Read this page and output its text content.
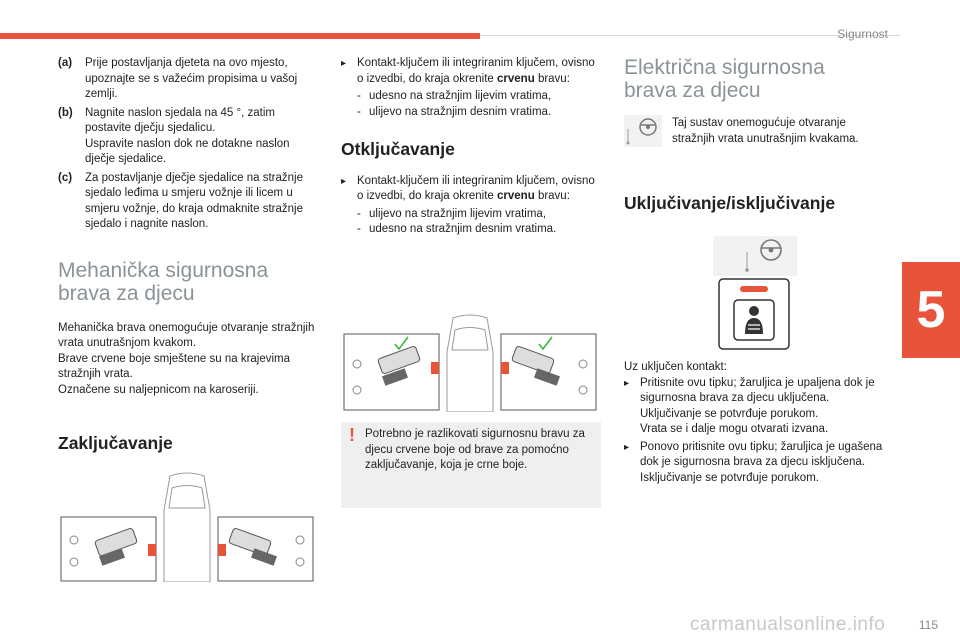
Sigurnost
5
115
carmanualsonline.info
(a)	Prije postavljanja djeteta na ovo mjesto, upoznajte se s važećim propisima u vašoj zemlji.

(b)	Nagnite naslon sjedala na 45 °, zatim postavite dječju sjedalicu.

Uspravite naslon dok ne dotakne naslon dječje sjedalice.

(c)	Za postavljanje dječje sjedalice na stražnje sjedalo leđima u smjeru vožnje ili licem u smjeru vožnje, do kraja odmaknite stražnje sjedalo i nagnite naslon.

Mehanička sigurnosna
brava za djecu

Mehanička brava onemogućuje otvaranje stražnjih vrata unutrašnjom kvakom.

Brave crvene boje smještene su na krajevima stražnjih vrata.

Označene su naljepnicom na karoseriji.

Zaključavanje
▸ Kontakt-ključem ili integriranim ključem, ovisno o izvedbi, do kraja okrenite crvenu bravu:
- udesno na stražnjim lijevim vratima,
- ulijevo na stražnjim desnim vratima.
Otključavanje
▸ Kontakt-ključem ili integriranim ključem, ovisno o izvedbi, do kraja okrenite crvenu bravu:
- ulijevo na stražnjim lijevim vratima,
- udesno na stražnjim desnim vratima.
! Potrebno je razlikovati sigurnosnu bravu za djecu crvene boje od brave za pomoćno zaključavanje, koja je crne boje.

Električna sigurnosna
brava za djecu
Taj sustav onemogućuje otvaranje stražnjih vrata unutrašnjim kvakama.
Uključivanje/isključivanje

Uz uključen kontakt:

▸ Pritisnite ovu tipku; žaruljica je upaljena dok je sigurnosna brava za djecu uključena.

Uključivanje se potvrđuje porukom.

Vrata se i dalje mogu otvarati izvana.

▸ Ponovo pritisnite ovu tipku; žaruljica je ugašena dok je sigurnosna brava za djecu isključena. Isključivanje se potvrđuje porukom.
